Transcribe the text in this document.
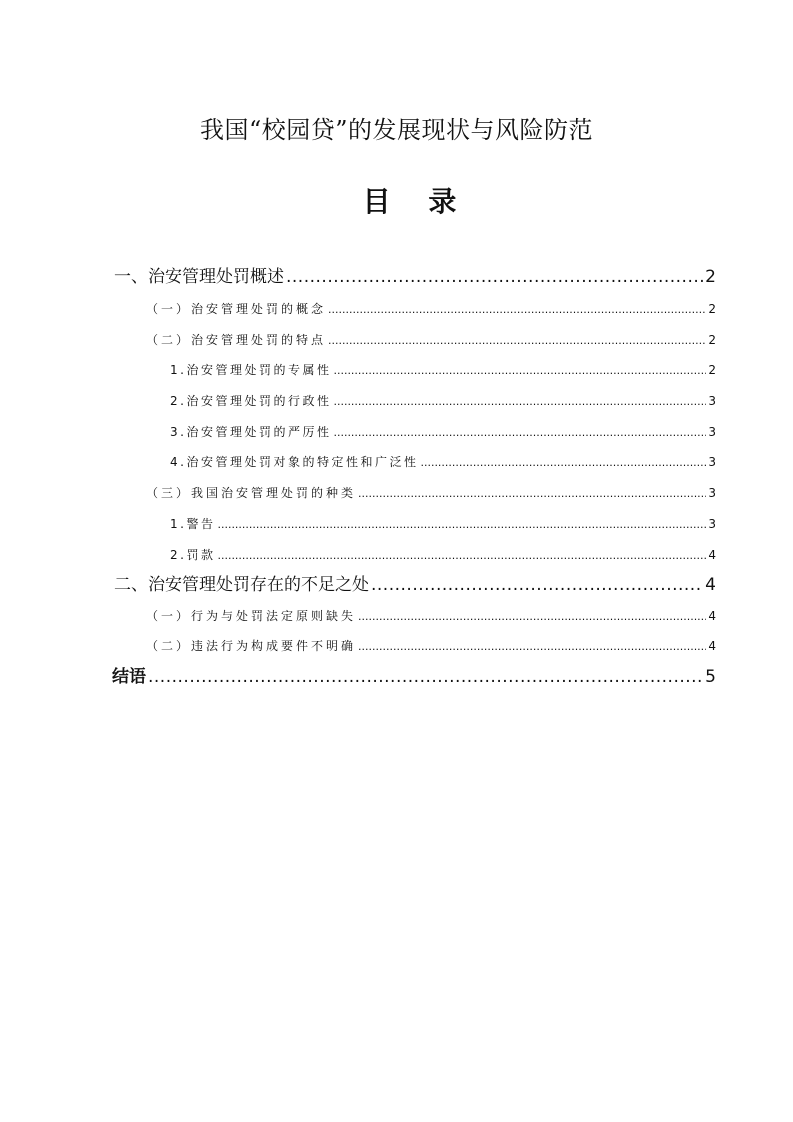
我国“校园贷”的发展现状与风险防范
目 录
一、治安管理处罚概述 .....	2
（一）治安管理处罚的概念 .....	2
（二）治安管理处罚的特点 .....	2
1.治安管理处罚的专属性 .....	2
2.治安管理处罚的行政性 .....	3
3.治安管理处罚的严厉性 .....	3
4.治安管理处罚对象的特定性和广泛性 .....	3
（三）我国治安管理处罚的种类 .....	3
1.警告 .....	3
2.罚款 .....	4
二、治安管理处罚存在的不足之处 .....	4
（一）行为与处罚法定原则缺失 .....	4
（二）违法行为构成要件不明确 .....	4
结语 .....	5
